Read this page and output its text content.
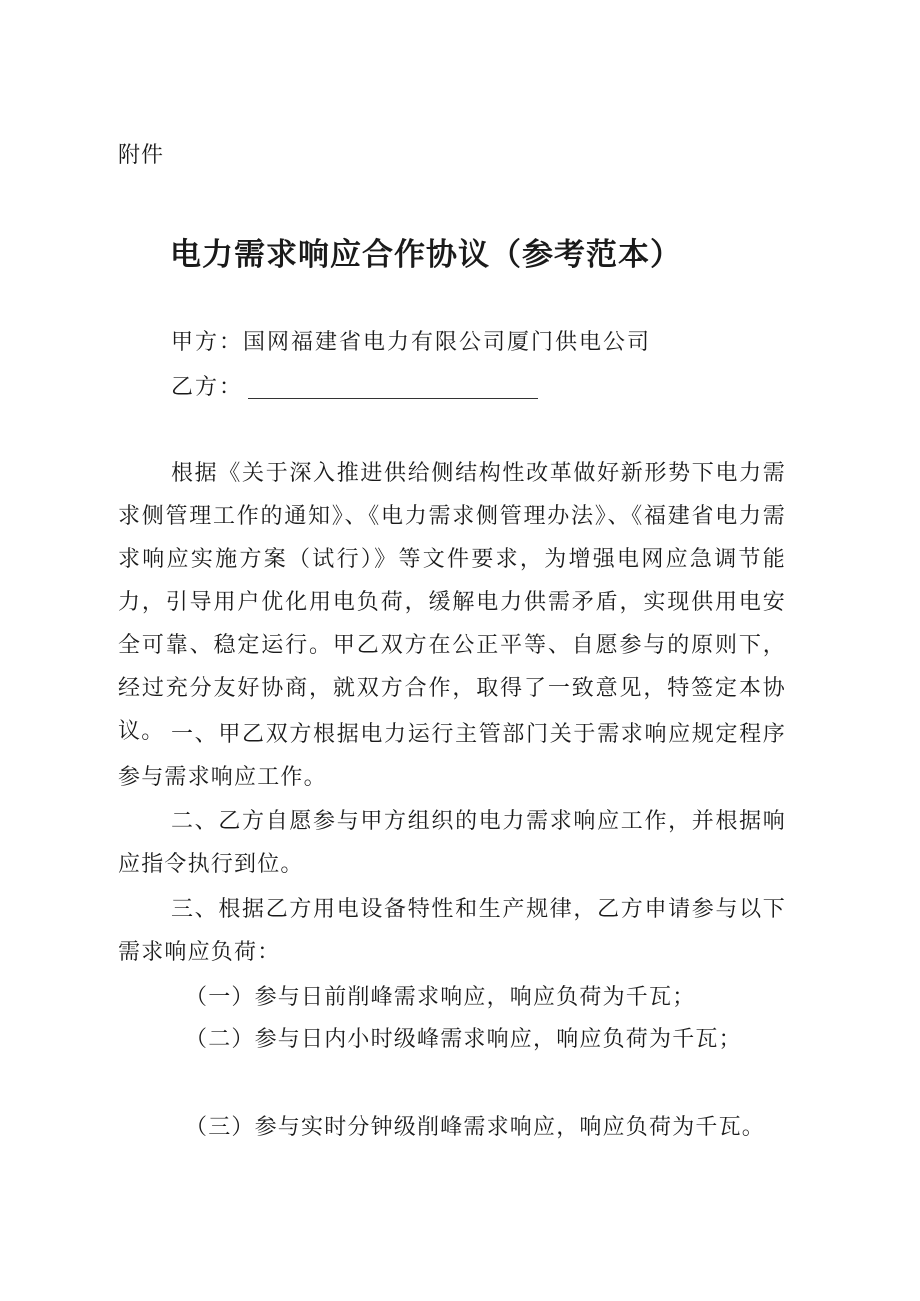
附件
电力需求响应合作协议（参考范本）
甲方：国网福建省电力有限公司厦门供电公司
乙方：
根据《关于深入推进供给侧结构性改革做好新形势下电力需求侧管理工作的通知》、《电力需求侧管理办法》、《福建省电力需求响应实施方案（试行）》等文件要求，为增强电网应急调节能力，引导用户优化用电负荷，缓解电力供需矛盾，实现供用电安全可靠、稳定运行。甲乙双方在公正平等、自愿参与的原则下，经过充分友好协商，就双方合作，取得了一致意见，特签定本协议。 一、甲乙双方根据电力运行主管部门关于需求响应规定程序参与需求响应工作。
二、乙方自愿参与甲方组织的电力需求响应工作，并根据响应指令执行到位。
三、根据乙方用电设备特性和生产规律，乙方申请参与以下需求响应负荷：
（一）参与日前削峰需求响应，响应负荷为千瓦；
（二）参与日内小时级峰需求响应，响应负荷为千瓦；
（三）参与实时分钟级削峰需求响应，响应负荷为千瓦。
